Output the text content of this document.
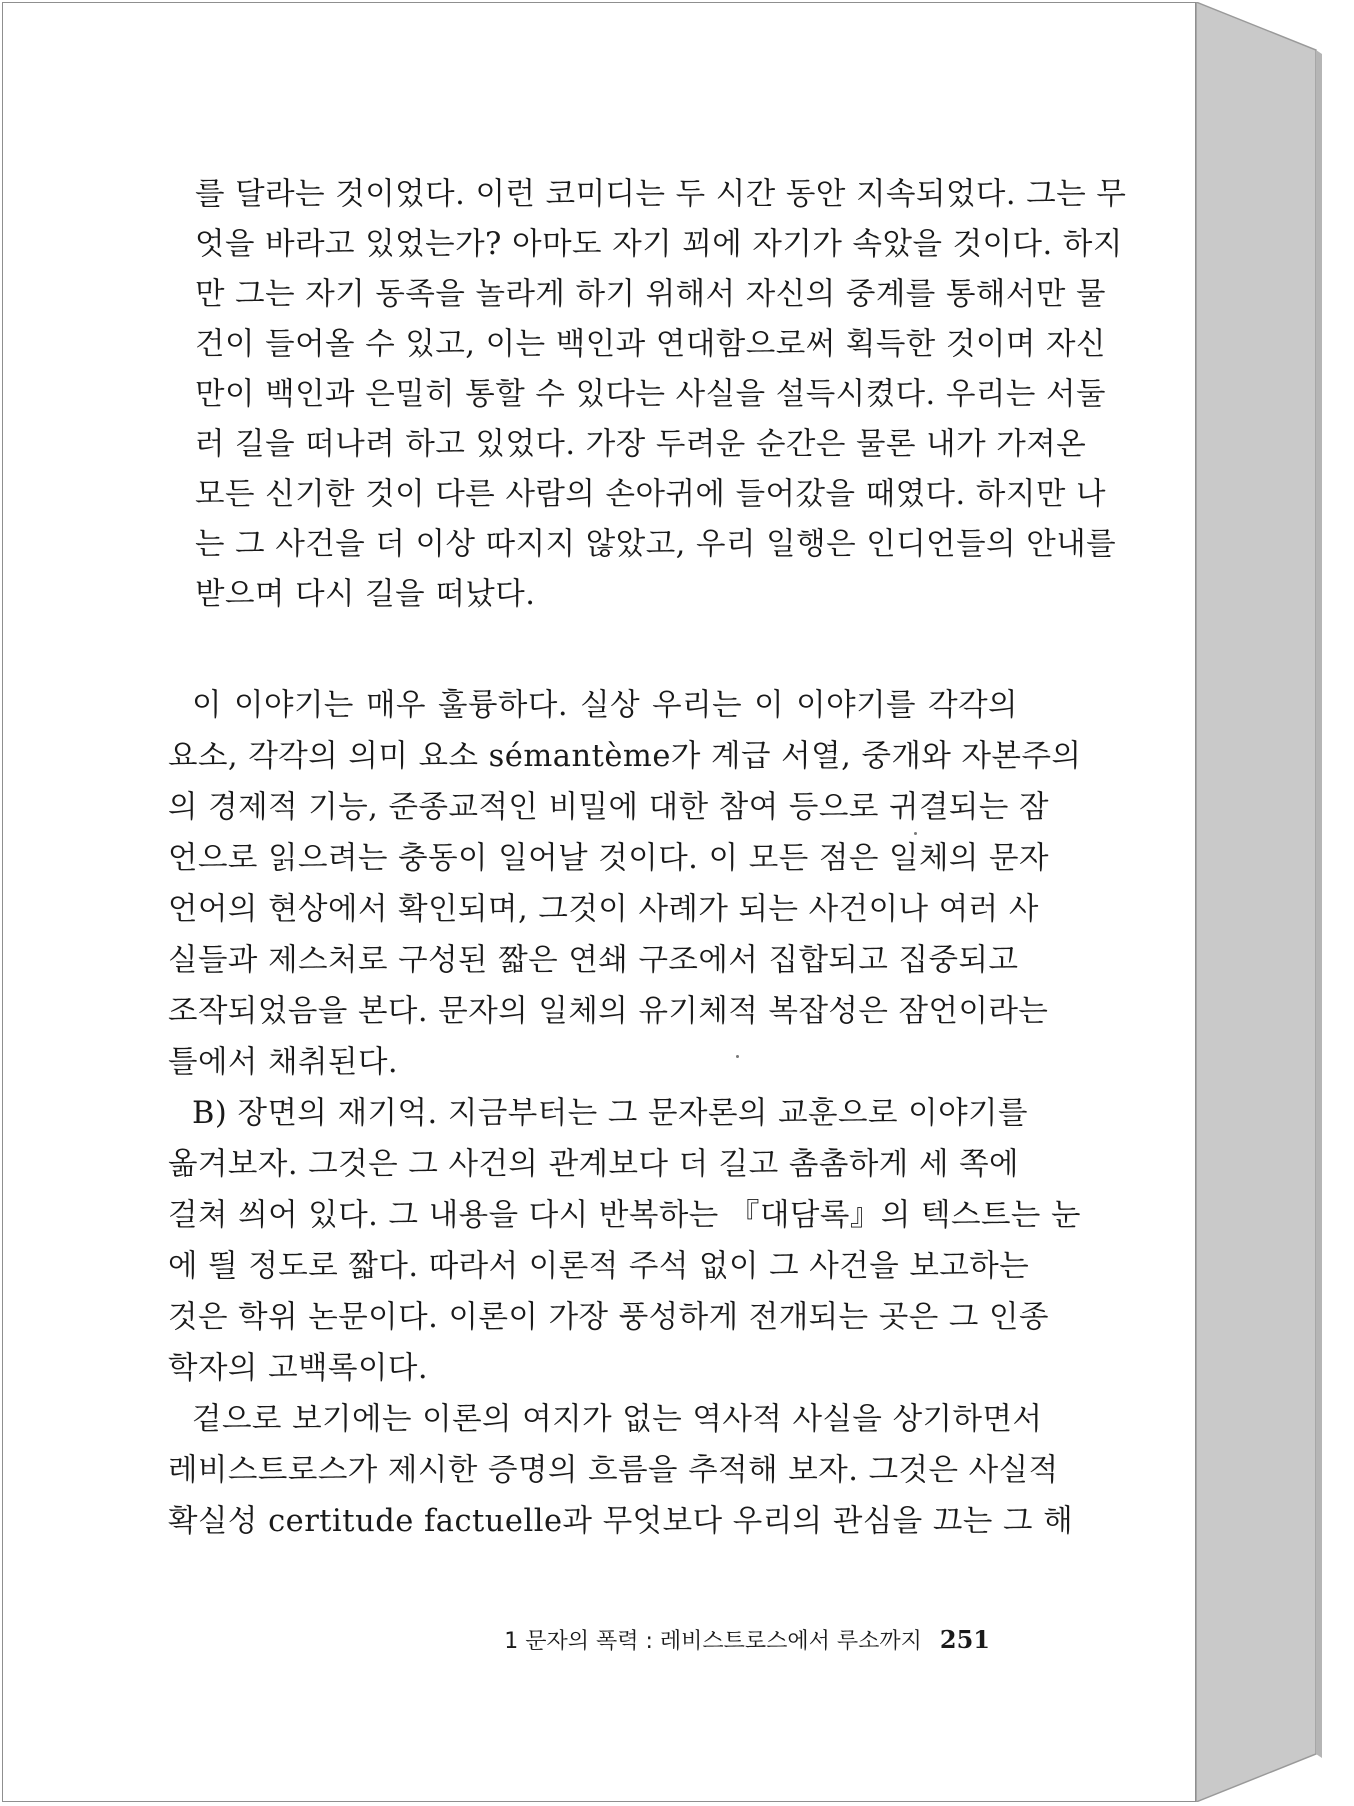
를 달라는 것이었다. 이런 코미디는 두 시간 동안 지속되었다. 그는 무
엇을 바라고 있었는가? 아마도 자기 꾀에 자기가 속았을 것이다. 하지
만 그는 자기 동족을 놀라게 하기 위해서 자신의 중계를 통해서만 물
건이 들어올 수 있고, 이는 백인과 연대함으로써 획득한 것이며 자신
만이 백인과 은밀히 통할 수 있다는 사실을 설득시켰다. 우리는 서둘
러 길을 떠나려 하고 있었다. 가장 두려운 순간은 물론 내가 가져온
모든 신기한 것이 다른 사람의 손아귀에 들어갔을 때였다. 하지만 나
는 그 사건을 더 이상 따지지 않았고, 우리 일행은 인디언들의 안내를
받으며 다시 길을 떠났다.

이 이야기는 매우 훌륭하다. 실상 우리는 이 이야기를 각각의
요소, 각각의 의미 요소 sémantème가 계급 서열, 중개와 자본주의
의 경제적 기능, 준종교적인 비밀에 대한 참여 등으로 귀결되는 잠
언으로 읽으려는 충동이 일어날 것이다. 이 모든 점은 일체의 문자
언어의 현상에서 확인되며, 그것이 사례가 되는 사건이나 여러 사
실들과 제스처로 구성된 짧은 연쇄 구조에서 집합되고 집중되고
조작되었음을 본다. 문자의 일체의 유기체적 복잡성은 잠언이라는
틀에서 채취된다.

B) 장면의 재기억. 지금부터는 그 문자론의 교훈으로 이야기를
옮겨보자. 그것은 그 사건의 관계보다 더 길고 촘촘하게 세 쪽에
걸쳐 씌어 있다. 그 내용을 다시 반복하는 『대담록』의 텍스트는 눈
에 띌 정도로 짧다. 따라서 이론적 주석 없이 그 사건을 보고하는
것은 학위 논문이다. 이론이 가장 풍성하게 전개되는 곳은 그 인종
학자의 고백록이다.

겉으로 보기에는 이론의 여지가 없는 역사적 사실을 상기하면서
레비스트로스가 제시한 증명의 흐름을 추적해 보자. 그것은 사실적
확실성 certitude factuelle과 무엇보다 우리의 관심을 끄는 그 해

1 문자의 폭력 : 레비스트로스에서 루소까지 251
